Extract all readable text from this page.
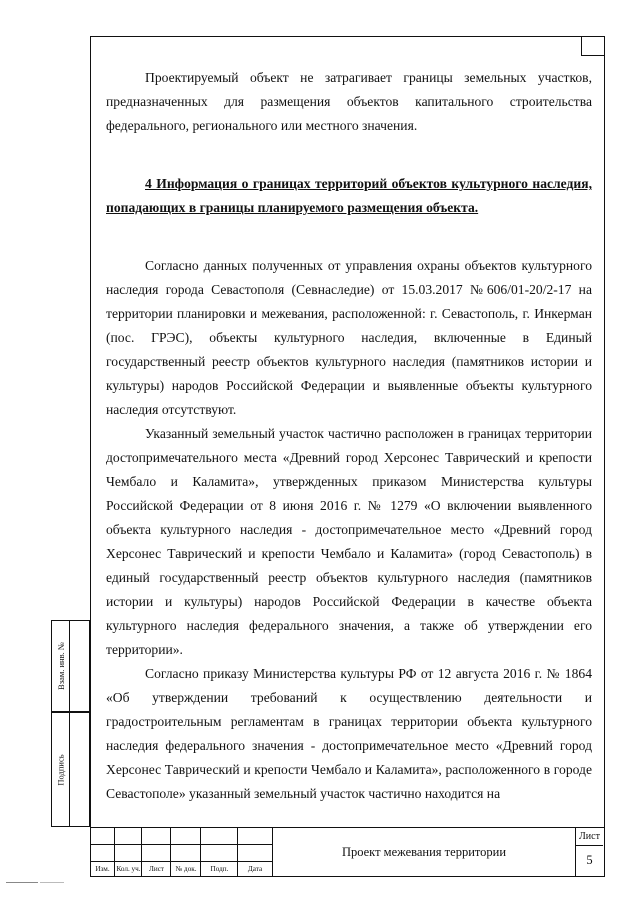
Проектируемый объект не затрагивает границы земельных участков, предназначенных для размещения объектов капитального строительства федерального, регионального или местного значения.

4 Информация о границах территорий объектов культурного наследия, попадающих в границы планируемого размещения объекта.

Согласно данных полученных от управления охраны объектов культурного наследия города Севастополя (Севнаследие) от 15.03.2017 №606/01-20/2-17 на территории планировки и межевания, расположенной: г. Севастополь, г. Инкерман (пос. ГРЭС), объекты культурного наследия, включенные в Единый государственный реестр объектов культурного наследия (памятников истории и культуры) народов Российской Федерации и выявленные объекты культурного наследия отсутствуют.

Указанный земельный участок частично расположен в границах территории достопримечательного места «Древний город Херсонес Таврический и крепости Чембало и Каламита», утвержденных приказом Министерства культуры Российской Федерации от 8 июня 2016 г. № 1279 «О включении выявленного объекта культурного наследия - достопримечательное место «Древний город Херсонес Таврический и крепости Чембало и Каламита» (город Севастополь) в единый государственный реестр объектов культурного наследия (памятников истории и культуры) народов Российской Федерации в качестве объекта культурного наследия федерального значения, а также об утверждении его территории».

Согласно приказу Министерства культуры РФ от 12 августа 2016 г. № 1864 «Об утверждении требований к осуществлению деятельности и градостроительным регламентам в границах территории объекта культурного наследия федерального значения - достопримечательное место «Древний город Херсонес Таврический и крепости Чембало и Каламита», расположенного в городе Севастополе» указанный земельный участок частично находится на

Взам. инв. №
Подпись
Изм. Кол. уч.	Лист	№ док.	Подп.	Дата
Проект межевания территории
Лист
5
